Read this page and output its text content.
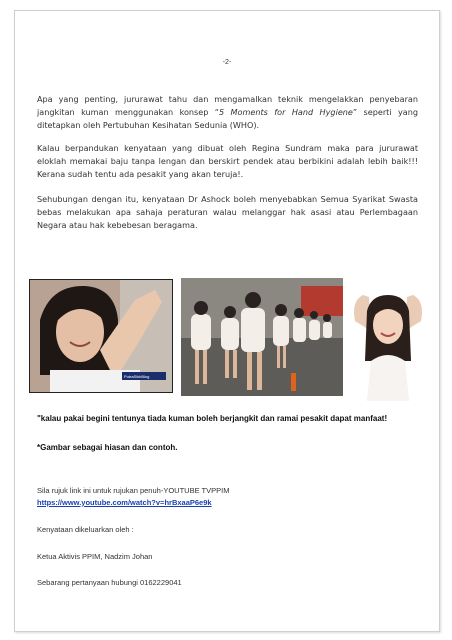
-2-

Apa yang penting, jururawat tahu dan mengamalkan teknik mengelakkan penyebaran jangkitan kuman menggunakan konsep “5 Moments for Hand Hygiene” seperti yang ditetapkan oleh Pertubuhan Kesihatan Sedunia (WHO).

Kalau berpandukan kenyataan yang dibuat oleh Regina Sundram maka para jururawat eloklah memakai baju tanpa lengan dan berskirt pendek atau berbikini adalah lebih baik!!! Kerana sudah tentu ada pesakit yang akan teruja!.

Sehubungan dengan itu, kenyataan Dr Ashock boleh menyebabkan Semua Syarikat Swasta bebas melakukan apa sahaja peraturan walau melanggar hak asasi atau Perlembagaan Negara atau hak kebebesan beragama.

PutraSikhBlog

"kalau pakai begini tentunya tiada kuman boleh berjangkit dan ramai pesakit dapat manfaat!

*Gambar sebagai hiasan dan contoh.

Sila rujuk link ini untuk rujukan penuh-YOUTUBE TVPPIM

https://www.youtube.com/watch?v=hrBxaaP6e9k

Kenyataan dikeluarkan oleh :

Ketua Aktivis PPIM, Nadzim Johan

Sebarang pertanyaan hubungi 0162229041
